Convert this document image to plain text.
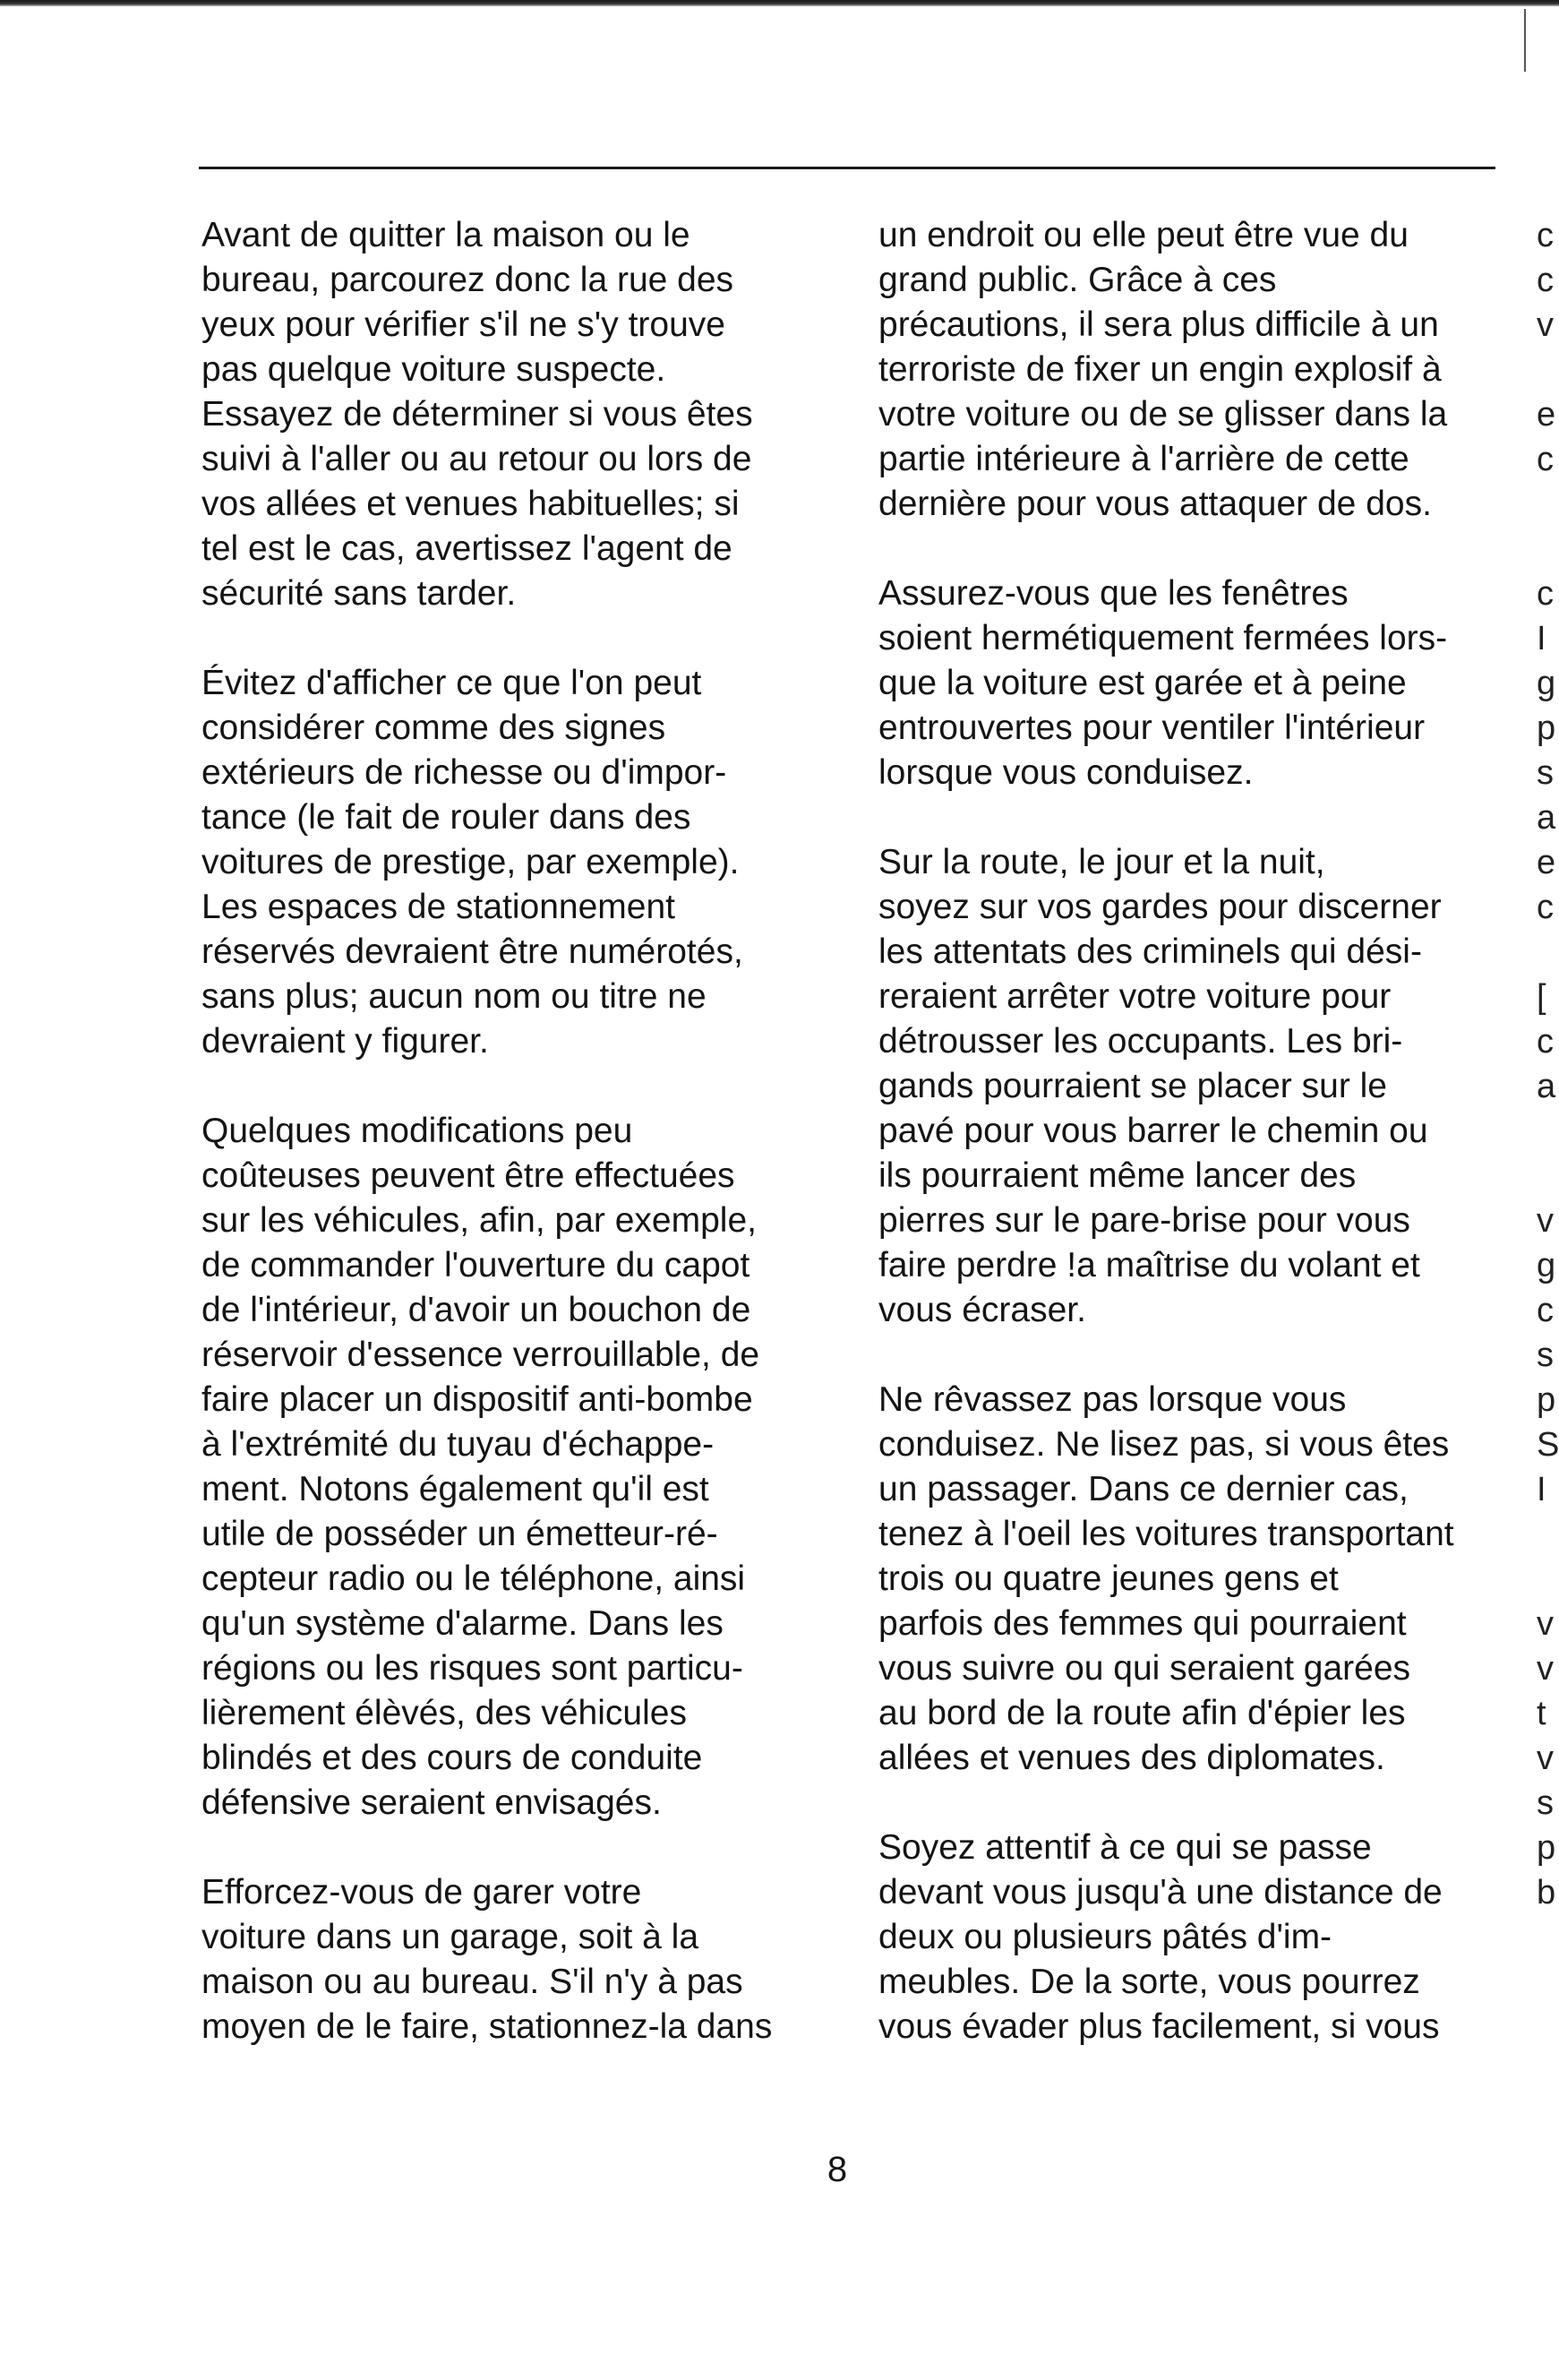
Avant de quitter la maison ou le
bureau, parcourez donc la rue des
yeux pour vérifier s'il ne s'y trouve
pas quelque voiture suspecte.
Essayez de déterminer si vous êtes
suivi à l'aller ou au retour ou lors de
vos allées et venues habituelles; si
tel est le cas, avertissez l'agent de
sécurité sans tarder.

Évitez d'afficher ce que l'on peut
considérer comme des signes
extérieurs de richesse ou d'impor-
tance (le fait de rouler dans des
voitures de prestige, par exemple).
Les espaces de stationnement
réservés devraient être numérotés,
sans plus; aucun nom ou titre ne
devraient y figurer.

Quelques modifications peu
coûteuses peuvent être effectuées
sur les véhicules, afin, par exemple,
de commander l'ouverture du capot
de l'intérieur, d'avoir un bouchon de
réservoir d'essence verrouillable, de
faire placer un dispositif anti-bombe
à l'extrémité du tuyau d'échappe-
ment. Notons également qu'il est
utile de posséder un émetteur-ré-
cepteur radio ou le téléphone, ainsi
qu'un système d'alarme. Dans les
régions ou les risques sont particu-
lièrement élèvés, des véhicules
blindés et des cours de conduite
défensive seraient envisagés.

Efforcez-vous de garer votre
voiture dans un garage, soit à la
maison ou au bureau. S'il n'y à pas
moyen de le faire, stationnez-la dans

un endroit ou elle peut être vue du
grand public. Grâce à ces
précautions, il sera plus difficile à un
terroriste de fixer un engin explosif à
votre voiture ou de se glisser dans la
partie intérieure à l'arrière de cette
dernière pour vous attaquer de dos.

Assurez-vous que les fenêtres
soient hermétiquement fermées lors-
que la voiture est garée et à peine
entrouvertes pour ventiler l'intérieur
lorsque vous conduisez.

Sur la route, le jour et la nuit,
soyez sur vos gardes pour discerner
les attentats des criminels qui dési-
reraient arrêter votre voiture pour
détrousser les occupants. Les bri-
gands pourraient se placer sur le
pavé pour vous barrer le chemin ou
ils pourraient même lancer des
pierres sur le pare-brise pour vous
faire perdre !a maîtrise du volant et
vous écraser.

Ne rêvassez pas lorsque vous
conduisez. Ne lisez pas, si vous êtes
un passager. Dans ce dernier cas,
tenez à l'oeil les voitures transportant
trois ou quatre jeunes gens et
parfois des femmes qui pourraient
vous suivre ou qui seraient garées
au bord de la route afin d'épier les
allées et venues des diplomates.

Soyez attentif à ce qui se passe
devant vous jusqu'à une distance de
deux ou plusieurs pâtés d'im-
meubles. De la sorte, vous pourrez
vous évader plus facilement, si vous

c
c
v

e
c

c
I
g
p
s
a
e
c

[
c
a

v
g
c
s
p
S
I

v
v
t
v
s
p
b
8
